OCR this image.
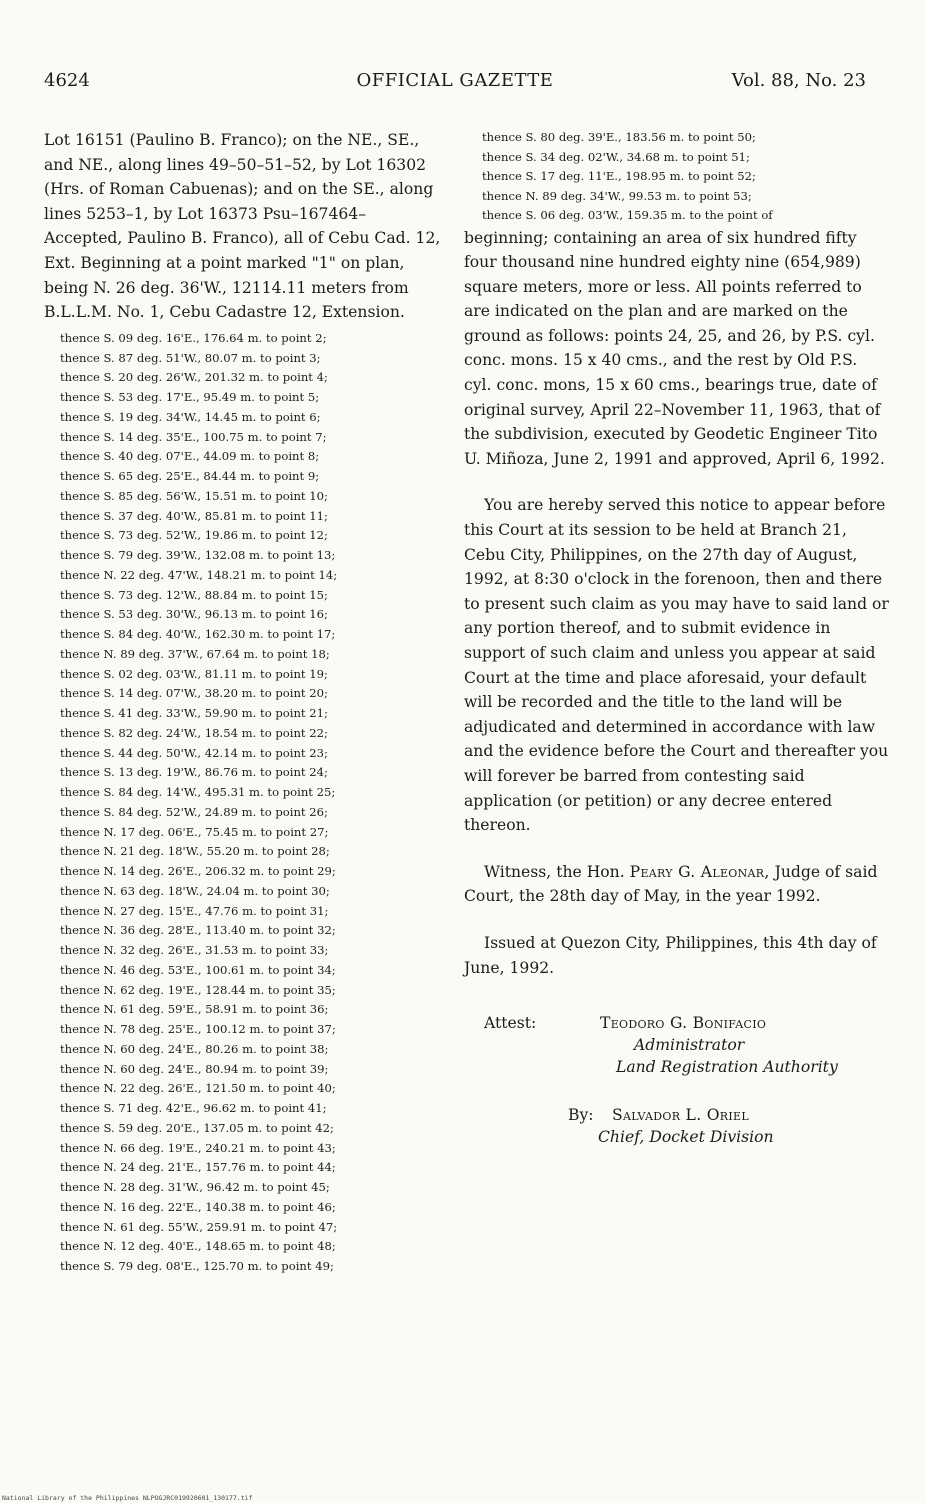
4624	OFFICIAL GAZETTE	Vol. 88, No. 23

Lot 16151 (Paulino B. Franco); on the NE., SE., and NE., along lines 49–50–51–52, by Lot 16302 (Hrs. of Roman Cabuenas); and on the SE., along lines 5253–1, by Lot 16373 Psu–167464–Accepted, Paulino B. Franco), all of Cebu Cad. 12, Ext. Beginning at a point marked "1" on plan, being N. 26 deg. 36'W., 12114.11 meters from B.L.L.M. No. 1, Cebu Cadastre 12, Extension.

thence S. 09 deg. 16'E., 176.64 m. to point 2;
thence S. 87 deg. 51'W., 80.07 m. to point 3;
thence S. 20 deg. 26'W., 201.32 m. to point 4;
thence S. 53 deg. 17'E., 95.49 m. to point 5;
thence S. 19 deg. 34'W., 14.45 m. to point 6;
thence S. 14 deg. 35'E., 100.75 m. to point 7;
thence S. 40 deg. 07'E., 44.09 m. to point 8;
thence S. 65 deg. 25'E., 84.44 m. to point 9;
thence S. 85 deg. 56'W., 15.51 m. to point 10;
thence S. 37 deg. 40'W., 85.81 m. to point 11;
thence S. 73 deg. 52'W., 19.86 m. to point 12;
thence S. 79 deg. 39'W., 132.08 m. to point 13;
thence N. 22 deg. 47'W., 148.21 m. to point 14;
thence S. 73 deg. 12'W., 88.84 m. to point 15;
thence S. 53 deg. 30'W., 96.13 m. to point 16;
thence S. 84 deg. 40'W., 162.30 m. to point 17;
thence N. 89 deg. 37'W., 67.64 m. to point 18;
thence S. 02 deg. 03'W., 81.11 m. to point 19;
thence S. 14 deg. 07'W., 38.20 m. to point 20;
thence S. 41 deg. 33'W., 59.90 m. to point 21;
thence S. 82 deg. 24'W., 18.54 m. to point 22;
thence S. 44 deg. 50'W., 42.14 m. to point 23;
thence S. 13 deg. 19'W., 86.76 m. to point 24;
thence S. 84 deg. 14'W., 495.31 m. to point 25;
thence S. 84 deg. 52'W., 24.89 m. to point 26;
thence N. 17 deg. 06'E., 75.45 m. to point 27;
thence N. 21 deg. 18'W., 55.20 m. to point 28;
thence N. 14 deg. 26'E., 206.32 m. to point 29;
thence N. 63 deg. 18'W., 24.04 m. to point 30;
thence N. 27 deg. 15'E., 47.76 m. to point 31;
thence N. 36 deg. 28'E., 113.40 m. to point 32;
thence N. 32 deg. 26'E., 31.53 m. to point 33;
thence N. 46 deg. 53'E., 100.61 m. to point 34;
thence N. 62 deg. 19'E., 128.44 m. to point 35;
thence N. 61 deg. 59'E., 58.91 m. to point 36;
thence N. 78 deg. 25'E., 100.12 m. to point 37;
thence N. 60 deg. 24'E., 80.26 m. to point 38;
thence N. 60 deg. 24'E., 80.94 m. to point 39;
thence N. 22 deg. 26'E., 121.50 m. to point 40;
thence S. 71 deg. 42'E., 96.62 m. to point 41;
thence S. 59 deg. 20'E., 137.05 m. to point 42;
thence N. 66 deg. 19'E., 240.21 m. to point 43;
thence N. 24 deg. 21'E., 157.76 m. to point 44;
thence N. 28 deg. 31'W., 96.42 m. to point 45;
thence N. 16 deg. 22'E., 140.38 m. to point 46;
thence N. 61 deg. 55'W., 259.91 m. to point 47;
thence N. 12 deg. 40'E., 148.65 m. to point 48;
thence S. 79 deg. 08'E., 125.70 m. to point 49;
thence S. 80 deg. 39'E., 183.56 m. to point 50;
thence S. 34 deg. 02'W., 34.68 m. to point 51;
thence S. 17 deg. 11'E., 198.95 m. to point 52;
thence N. 89 deg. 34'W., 99.53 m. to point 53;
thence S. 06 deg. 03'W., 159.35 m. to the point of

beginning; containing an area of six hundred fifty four thousand nine hundred eighty nine (654,989) square meters, more or less. All points referred to are indicated on the plan and are marked on the ground as follows: points 24, 25, and 26, by P.S. cyl. conc. mons. 15 x 40 cms., and the rest by Old P.S. cyl. conc. mons, 15 x 60 cms., bearings true, date of original survey, April 22–November 11, 1963, that of the subdivision, executed by Geodetic Engineer Tito U. Miñoza, June 2, 1991 and approved, April 6, 1992.

You are hereby served this notice to appear before this Court at its session to be held at Branch 21, Cebu City, Philippines, on the 27th day of August, 1992, at 8:30 o'clock in the forenoon, then and there to present such claim as you may have to said land or any portion thereof, and to submit evidence in support of such claim and unless you appear at said Court at the time and place aforesaid, your default will be recorded and the title to the land will be adjudicated and determined in accordance with law and the evidence before the Court and thereafter you will forever be barred from contesting said application (or petition) or any decree entered thereon.

Witness, the Hon. Peary G. Aleonar, Judge of said Court, the 28th day of May, in the year 1992.

Issued at Quezon City, Philippines, this 4th day of June, 1992.

Attest:	Teodoro G. Bonifacio
Administrator
Land Registration Authority
By: Salvador L. Oriel
Chief, Docket Division
National Library of the Philippines NLPOGJRC019920601_130177.tif
